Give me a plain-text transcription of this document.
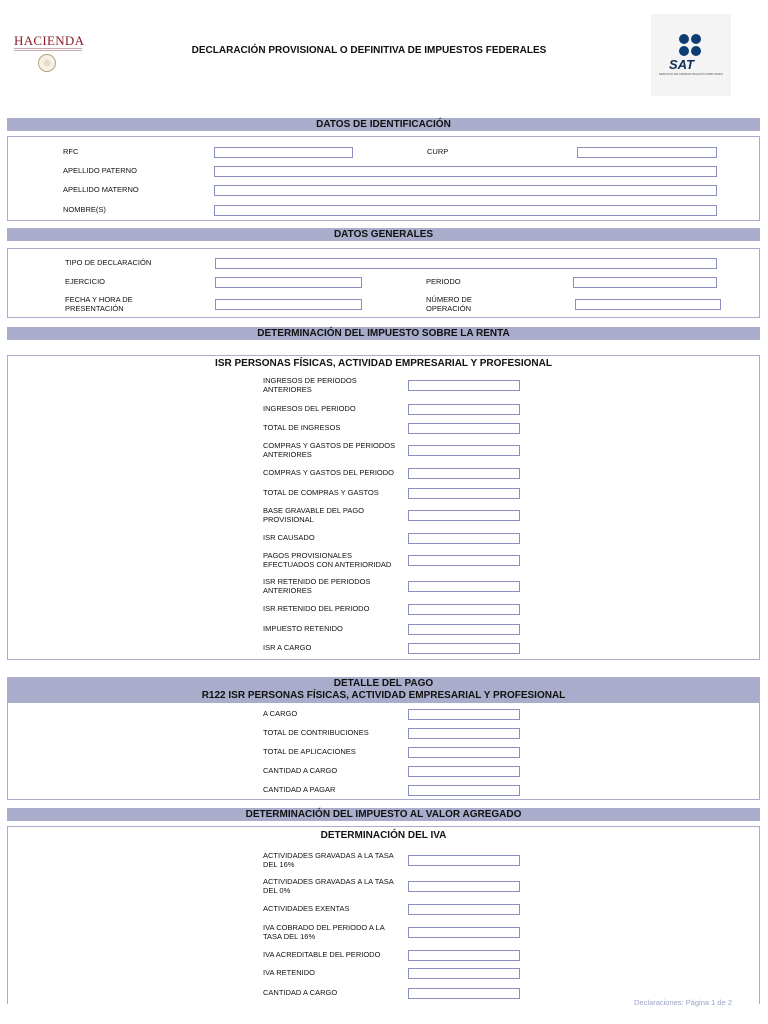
HACIENDA
DECLARACIÓN PROVISIONAL O DEFINITIVA DE IMPUESTOS FEDERALES
SAT
SERVICIO DE ADMINISTRACIÓN TRIBUTARIA
DATOS DE IDENTIFICACIÓN
RFC	CURP
APELLIDO PATERNO
APELLIDO MATERNO
NOMBRE(S)
DATOS GENERALES
TIPO DE DECLARACIÓN
EJERCICIO	PERIODO
FECHA Y HORA DE
PRESENTACIÓN
NÚMERO DE
OPERACIÓN
DETERMINACIÓN DEL IMPUESTO SOBRE LA RENTA
ISR PERSONAS FÍSICAS, ACTIVIDAD EMPRESARIAL Y PROFESIONAL
INGRESOS DE PERIODOS
ANTERIORES
INGRESOS DEL PERIODO
TOTAL DE INGRESOS
COMPRAS Y GASTOS DE PERIODOS
ANTERIORES
COMPRAS Y GASTOS DEL PERIODO
TOTAL DE COMPRAS Y GASTOS
BASE GRAVABLE DEL PAGO
PROVISIONAL
ISR CAUSADO
PAGOS PROVISIONALES
EFECTUADOS CON ANTERIORIDAD
ISR RETENIDO DE PERIODOS
ANTERIORES
ISR RETENIDO DEL PERIODO
IMPUESTO RETENIDO
ISR A CARGO
DETALLE DEL PAGO
R122 ISR PERSONAS FÍSICAS, ACTIVIDAD EMPRESARIAL Y PROFESIONAL
A CARGO
TOTAL DE CONTRIBUCIONES
TOTAL DE APLICACIONES
CANTIDAD A CARGO
CANTIDAD A PAGAR
DETERMINACIÓN DEL IMPUESTO AL VALOR AGREGADO
DETERMINACIÓN DEL IVA
ACTIVIDADES GRAVADAS A LA TASA
DEL 16%
ACTIVIDADES GRAVADAS A LA TASA
DEL 0%
ACTIVIDADES EXENTAS
IVA COBRADO DEL PERIODO A LA
TASA DEL 16%
IVA ACREDITABLE DEL PERIODO
IVA RETENIDO
CANTIDAD A CARGO
Declaraciones: Página 1 de 2
